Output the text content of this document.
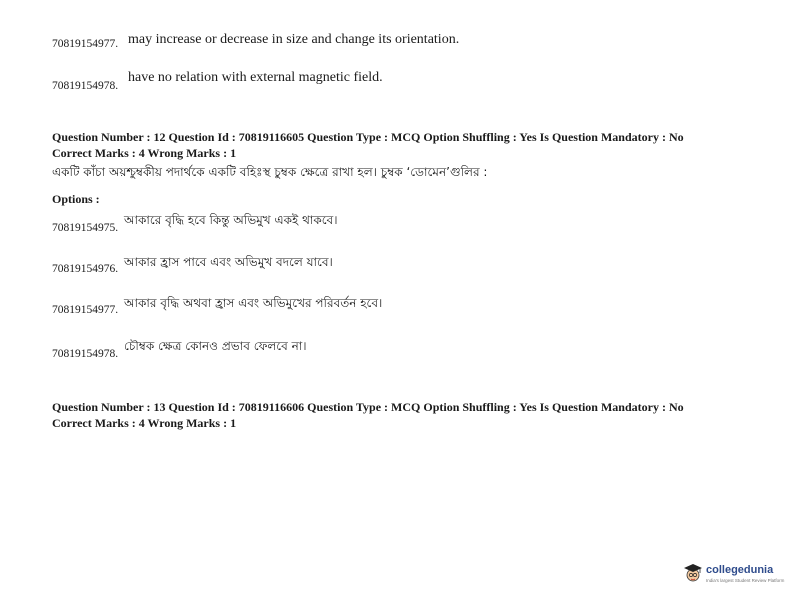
70819154977. may increase or decrease in size and change its orientation.
70819154978.
have no relation with external magnetic field.
Question Number : 12 Question Id : 70819116605 Question Type : MCQ Option Shuffling : Yes Is Question Mandatory : No
Correct Marks : 4 Wrong Marks : 1
একটি কাঁচা অয়শ্চুম্বকীয় পদার্থকে একটি বহিঃস্থ চুম্বক ক্ষেত্রে রাখা হল। চুম্বক ‘ডোমেন’গুলির :
Options :
70819154975.
আকারে বৃদ্ধি হবে কিন্তু অভিমুখ একই থাকবে।
70819154976. আকার হ্রাস পাবে এবং অভিমুখ বদলে যাবে।
70819154977. আকার বৃদ্ধি অথবা হ্রাস এবং অভিমুখের পরিবর্তন হবে।
70819154978.
চৌম্বক ক্ষেত্র কোনও প্রভাব ফেলবে না।
Question Number : 13 Question Id : 70819116606 Question Type : MCQ Option Shuffling : Yes Is Question Mandatory : No
Correct Marks : 4 Wrong Marks : 1
collegedunia
India's largest Student Review Platform
